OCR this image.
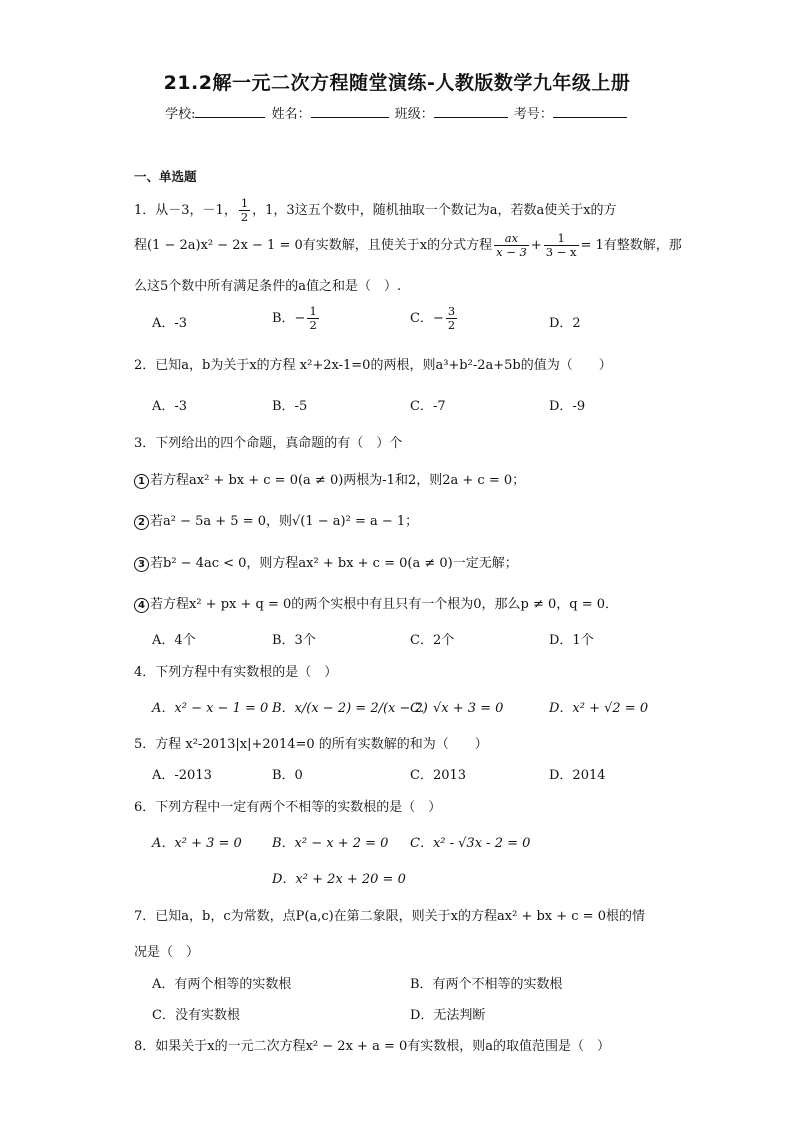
21.2解一元二次方程随堂演练-人教版数学九年级上册
学校:	姓名：	班级：	考号：
一、单选题
1．从－3，－1， $\frac{1}{2}$ ，1，3这五个数中，随机抽取一个数记为a，若数a使关于x的方
程(1 − 2a)x² − 2x − 1 = 0有实数解，且使关于x的分式方程 $\frac{ax}{x - 3} + \frac{1}{3 - x} = 1$有整数解，那
么这5个数中所有满足条件的a值之和是（　）.
A．-3	B．− $\frac{1}{2}$	C．− $\frac{3}{2}$	D．2
2．已知a，b为关于x的方程 x²+2x-1=0的两根，则a³+b²-2a+5b的值为（　　）
A．-3	B．-5	C．-7	D．-9
3．下列给出的四个命题，真命题的有（　）个
1 若方程ax² + bx + c = 0(a ≠ 0)两根为-1和2，则2a + c = 0；
2 若a² − 5a + 5 = 0，则√(1 − a)² = a − 1；
3 若b² − 4ac < 0，则方程ax² + bx + c = 0(a ≠ 0)一定无解；
4 若方程x² + px + q = 0的两个实根中有且只有一个根为0，那么p ≠ 0，q = 0．
A．4个	B．3个	C．2个	D．1个
4．下列方程中有实数根的是（　）
A．x² − x − 1 = 0 B．x/(x − 2) = 2/(x − 2)
C．√x + 3 = 0	D．x² + √2 = 0
5．方程 x²-2013|x|+2014=0 的所有实数解的和为（　　）
A．-2013	B．0	C．2013	D．2014
6．下列方程中一定有两个不相等的实数根的是（　）
A．x² + 3 = 0 B．x² − x + 2 = 0 C．x² - √3x - 2 = 0
D．x² + 2x + 20 = 0
7．已知a，b，c为常数，点P(a,c)在第二象限，则关于x的方程ax² + bx + c = 0根的情
况是（　）
A．有两个相等的实数根	B．有两个不相等的实数根
C．没有实数根	D．无法判断
8．如果关于x的一元二次方程x² − 2x + a = 0有实数根，则a的取值范围是（　）
